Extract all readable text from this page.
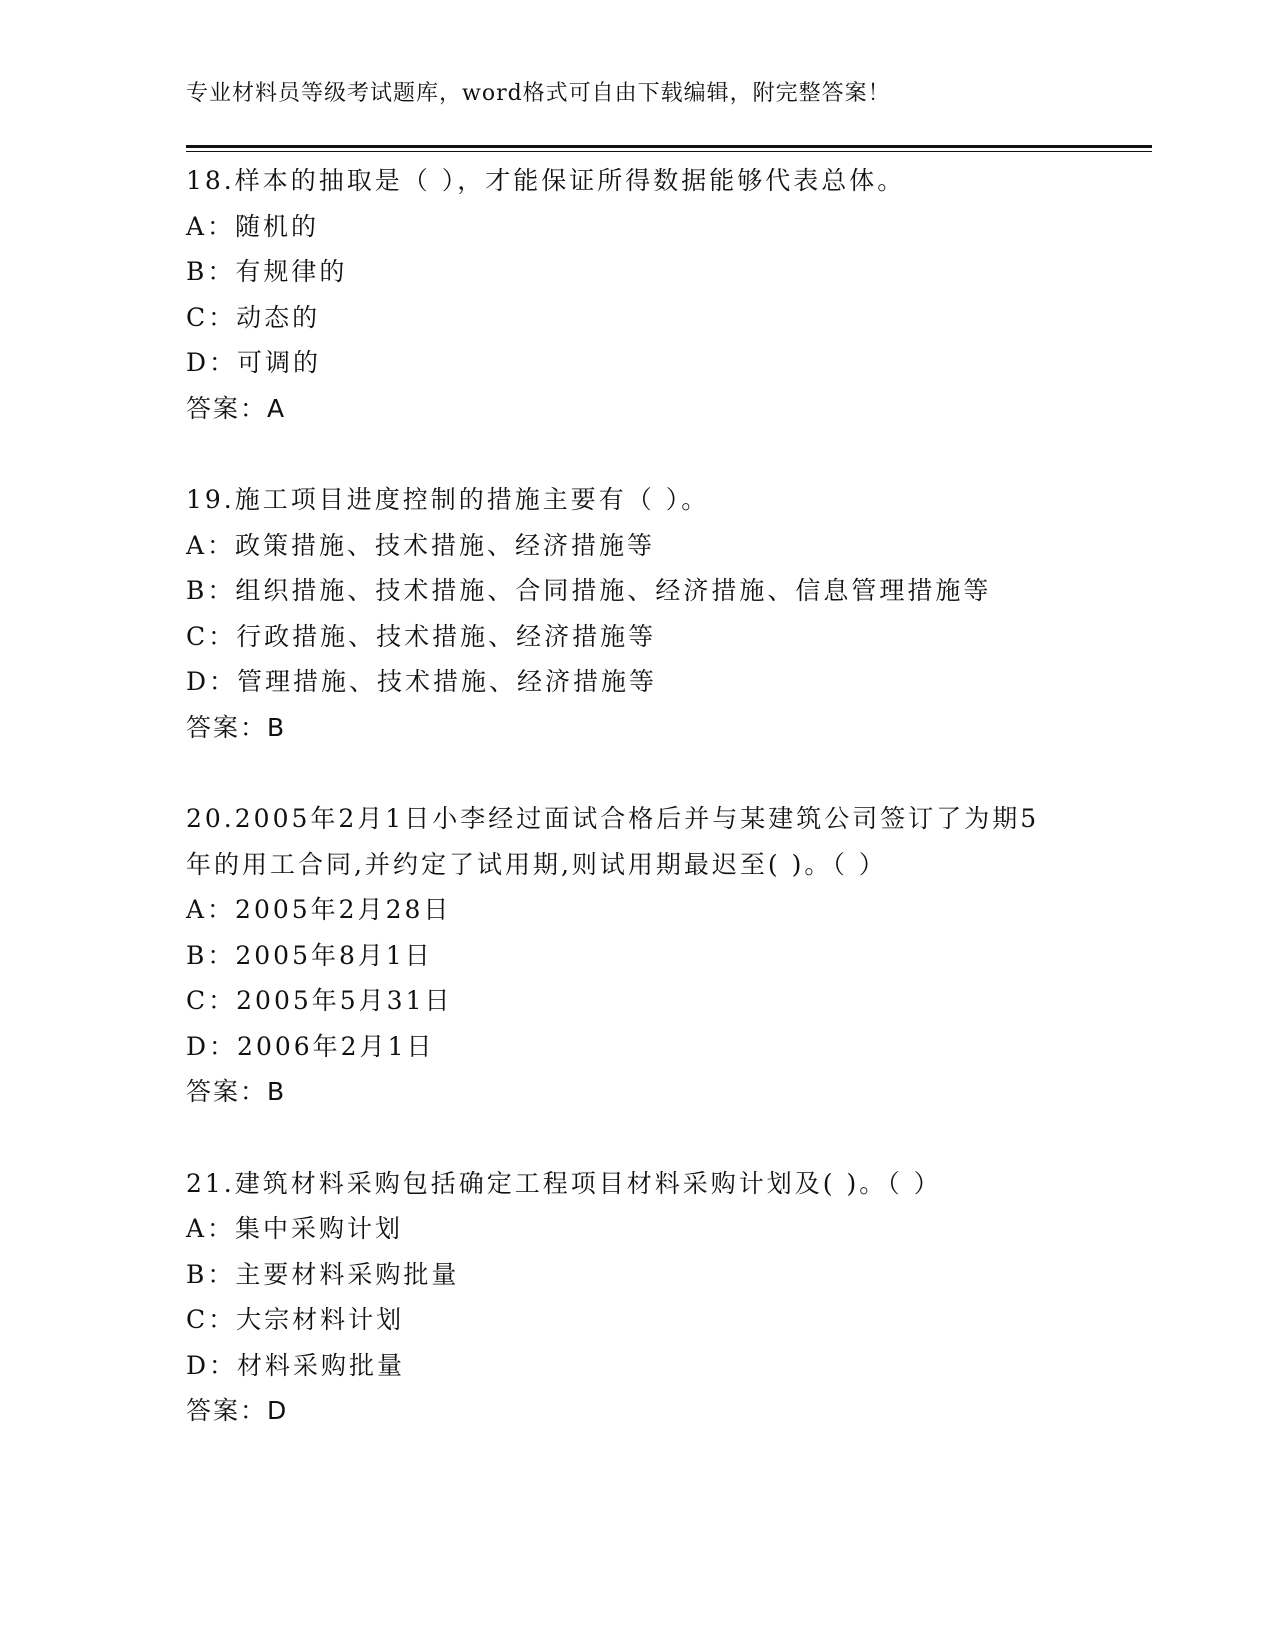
专业材料员等级考试题库，word格式可自由下载编辑，附完整答案！
18.样本的抽取是（ ），才能保证所得数据能够代表总体。
A：随机的
B：有规律的
C：动态的
D：可调的
答案：A
19.施工项目进度控制的措施主要有（ ）。
A：政策措施、技术措施、经济措施等
B：组织措施、技术措施、合同措施、经济措施、信息管理措施等
C：行政措施、技术措施、经济措施等
D：管理措施、技术措施、经济措施等
答案：B
20.2005年2月1日小李经过面试合格后并与某建筑公司签订了为期5
年的用工合同,并约定了试用期,则试用期最迟至( )。（ ）
A：2005年2月28日
B：2005年8月1日
C：2005年5月31日
D：2006年2月1日
答案：B
21.建筑材料采购包括确定工程项目材料采购计划及( )。（ ）
A：集中采购计划
B：主要材料采购批量
C：大宗材料计划
D：材料采购批量
答案：D
